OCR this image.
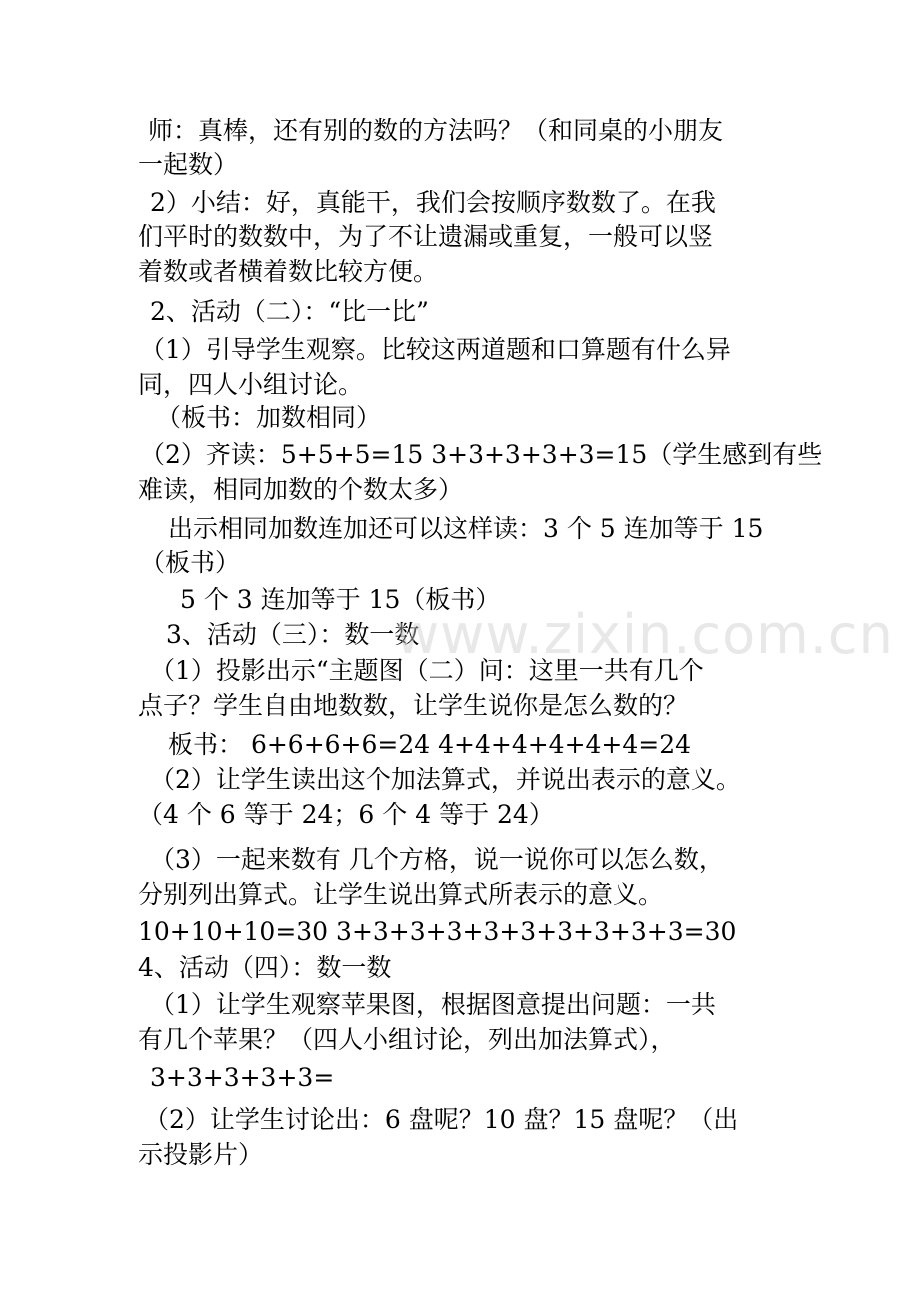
师：真棒，还有别的数的方法吗？（和同桌的小朋友
一起数）
2）小结：好，真能干，我们会按顺序数数了。在我
们平时的数数中，为了不让遗漏或重复，一般可以竖
着数或者横着数比较方便。
2、活动（二）：“比一比”
（1）引导学生观察。比较这两道题和口算题有什么异
同，四人小组讨论。
（板书：加数相同）
（2）齐读：5+5+5=15 3+3+3+3+3=15（学生感到有些
难读，相同加数的个数太多）
出示相同加数连加还可以这样读：3 个 5 连加等于 15
（板书）
5 个 3 连加等于 15（板书）
3、活动（三）：数一数
（1）投影出示“主题图（二）问：这里一共有几个
点子？学生自由地数数，让学生说你是怎么数的？
板书： 6+6+6+6=24 4+4+4+4+4+4=24
（2）让学生读出这个加法算式，并说出表示的意义。
（4 个 6 等于 24；6 个 4 等于 24）
（3）一起来数有 几个方格，说一说你可以怎么数，
分别列出算式。让学生说出算式所表示的意义。
10+10+10=30 3+3+3+3+3+3+3+3+3+3=30
4、活动（四）：数一数
（1）让学生观察苹果图，根据图意提出问题：一共
有几个苹果？（四人小组讨论，列出加法算式），
3+3+3+3+3=
（2）让学生讨论出：6 盘呢？10 盘？15 盘呢？（出
示投影片）
www.zixin.com.cn
